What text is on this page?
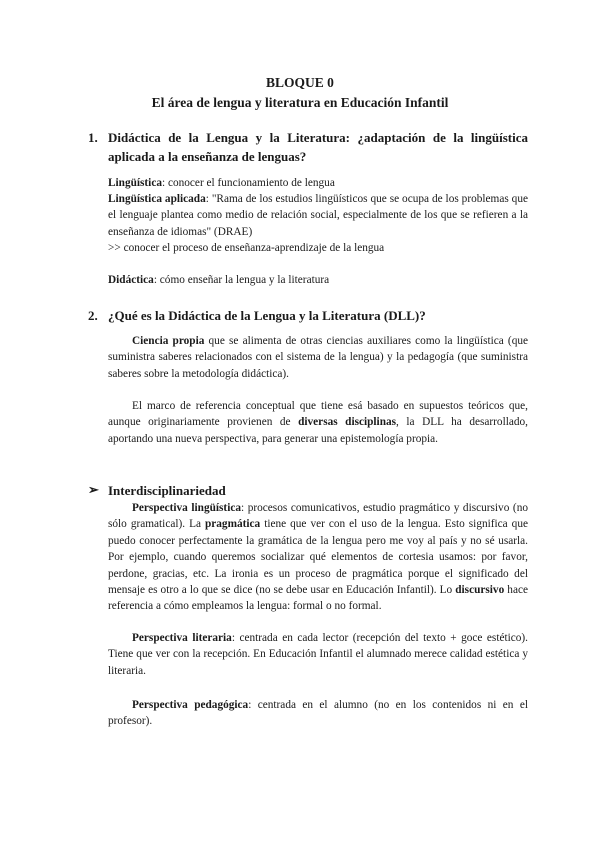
BLOQUE 0
El área de lengua y literatura en Educación Infantil
1. Didáctica de la Lengua y la Literatura: ¿adaptación de la lingüística aplicada a la enseñanza de lenguas?
Lingüística: conocer el funcionamiento de lengua
Lingüística aplicada: "Rama de los estudios lingüísticos que se ocupa de los problemas que el lenguaje plantea como medio de relación social, especialmente de los que se refieren a la enseñanza de idiomas" (DRAE)
>> conocer el proceso de enseñanza-aprendizaje de la lengua
Didáctica: cómo enseñar la lengua y la literatura
2. ¿Qué es la Didáctica de la Lengua y la Literatura (DLL)?
Ciencia propia que se alimenta de otras ciencias auxiliares como la lingüística (que suministra saberes relacionados con el sistema de la lengua) y la pedagogía (que suministra saberes sobre la metodología didáctica).
El marco de referencia conceptual que tiene esá basado en supuestos teóricos que, aunque originariamente provienen de diversas disciplinas, la DLL ha desarrollado, aportando una nueva perspectiva, para generar una epistemología propia.
➢ Interdisciplinariedad
Perspectiva lingüística: procesos comunicativos, estudio pragmático y discursivo (no sólo gramatical). La pragmática tiene que ver con el uso de la lengua. Esto significa que puedo conocer perfectamente la gramática de la lengua pero me voy al país y no sé usarla. Por ejemplo, cuando queremos socializar qué elementos de cortesia usamos: por favor, perdone, gracias, etc. La ironia es un proceso de pragmática porque el significado del mensaje es otro a lo que se dice (no se debe usar en Educación Infantil). Lo discursivo hace referencia a cómo empleamos la lengua: formal o no formal.
Perspectiva literaria: centrada en cada lector (recepción del texto + goce estético). Tiene que ver con la recepción. En Educación Infantil el alumnado merece calidad estética y literaria.
Perspectiva pedagógica: centrada en el alumno (no en los contenidos ni en el profesor).
